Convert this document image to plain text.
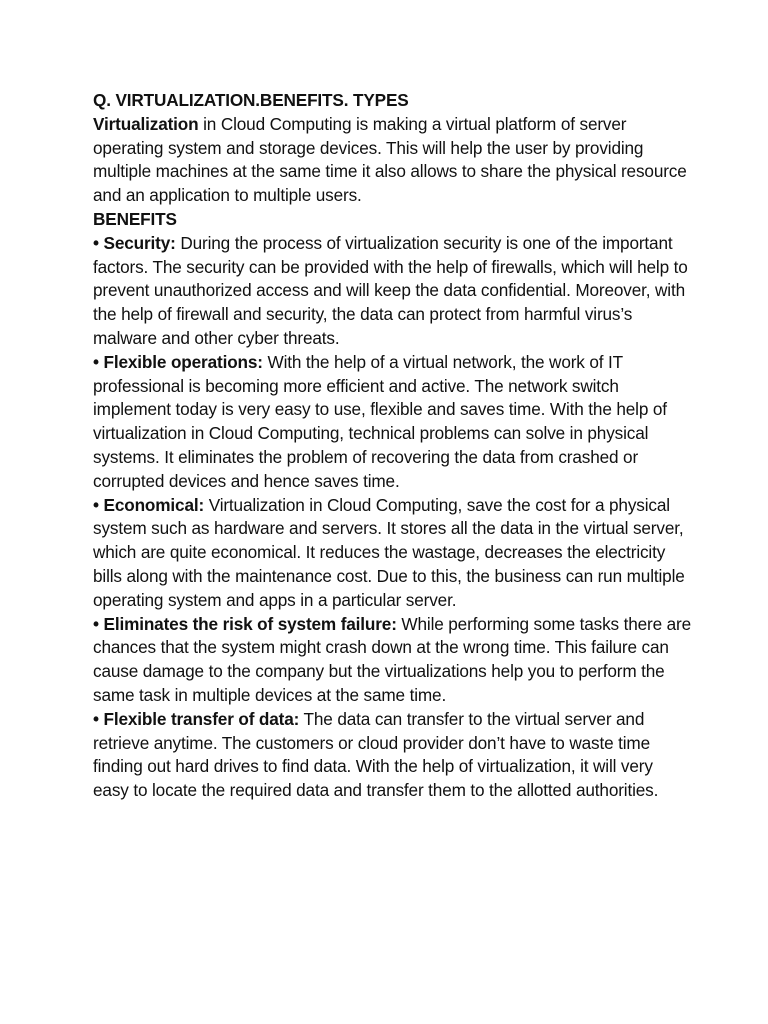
Q. VIRTUALIZATION.BENEFITS. TYPES

Virtualization in Cloud Computing is making a virtual platform of server operating system and storage devices. This will help the user by providing multiple machines at the same time it also allows to share the physical resource and an application to multiple users.

BENEFITS

• Security: During the process of virtualization security is one of the important factors. The security can be provided with the help of firewalls, which will help to prevent unauthorized access and will keep the data confidential. Moreover, with the help of firewall and security, the data can protect from harmful virus’s malware and other cyber threats.

• Flexible operations: With the help of a virtual network, the work of IT professional is becoming more efficient and active. The network switch implement today is very easy to use, flexible and saves time. With the help of virtualization in Cloud Computing, technical problems can solve in physical systems. It eliminates the problem of recovering the data from crashed or corrupted devices and hence saves time.

• Economical: Virtualization in Cloud Computing, save the cost for a physical system such as hardware and servers. It stores all the data in the virtual server, which are quite economical. It reduces the wastage, decreases the electricity bills along with the maintenance cost. Due to this, the business can run multiple operating system and apps in a particular server.

• Eliminates the risk of system failure: While performing some tasks there are chances that the system might crash down at the wrong time. This failure can cause damage to the company but the virtualizations help you to perform the same task in multiple devices at the same time.

• Flexible transfer of data: The data can transfer to the virtual server and retrieve anytime. The customers or cloud provider don’t have to waste time finding out hard drives to find data. With the help of virtualization, it will very easy to locate the required data and transfer them to the allotted authorities.
